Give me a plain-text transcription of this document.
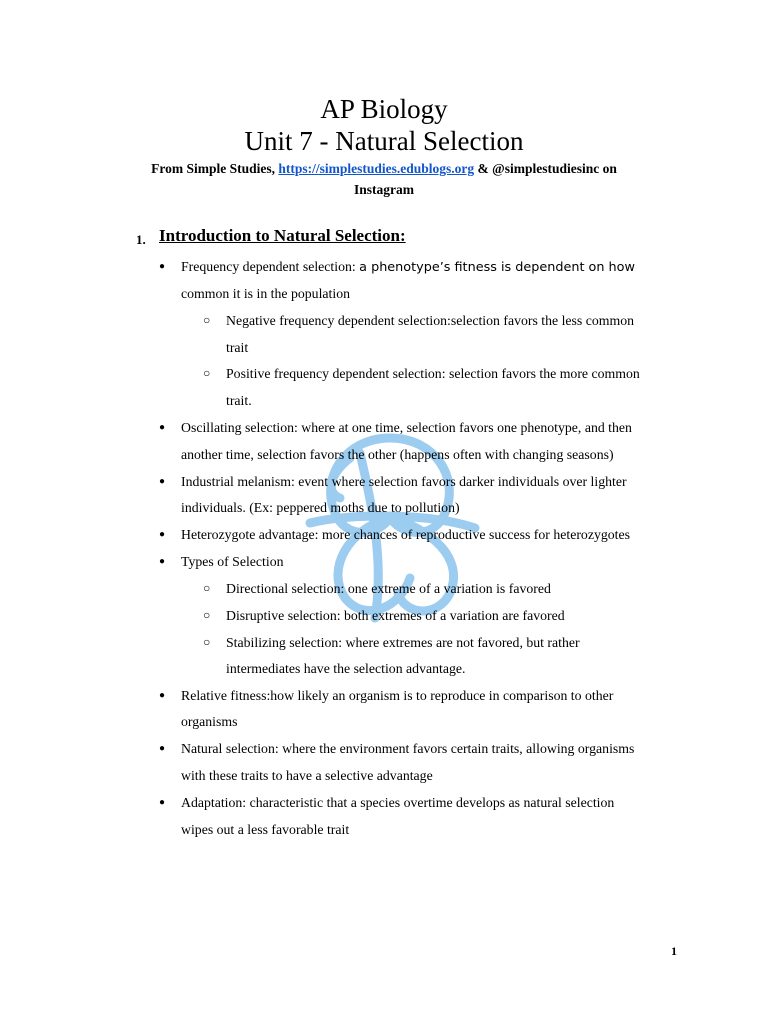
AP Biology
Unit 7 - Natural Selection
From Simple Studies, https://simplestudies.edublogs.org & @simplestudiesinc on
Instagram
1. Introduction to Natural Selection:
● Frequency dependent selection: a phenotype’s fitness is dependent on how
common it is in the population
○ Negative frequency dependent selection:selection favors the less common
trait
○ Positive frequency dependent selection: selection favors the more common
trait.
● Oscillating selection: where at one time, selection favors one phenotype, and then
another time, selection favors the other (happens often with changing seasons)
● Industrial melanism: event where selection favors darker individuals over lighter
individuals. (Ex: peppered moths due to pollution)
● Heterozygote advantage: more chances of reproductive success for heterozygotes
● Types of Selection
○ Directional selection: one extreme of a variation is favored
○ Disruptive selection: both extremes of a variation are favored
○ Stabilizing selection: where extremes are not favored, but rather
intermediates have the selection advantage.
● Relative fitness:how likely an organism is to reproduce in comparison to other
organisms
● Natural selection: where the environment favors certain traits, allowing organisms
with these traits to have a selective advantage
● Adaptation: characteristic that a species overtime develops as natural selection
wipes out a less favorable trait
1
